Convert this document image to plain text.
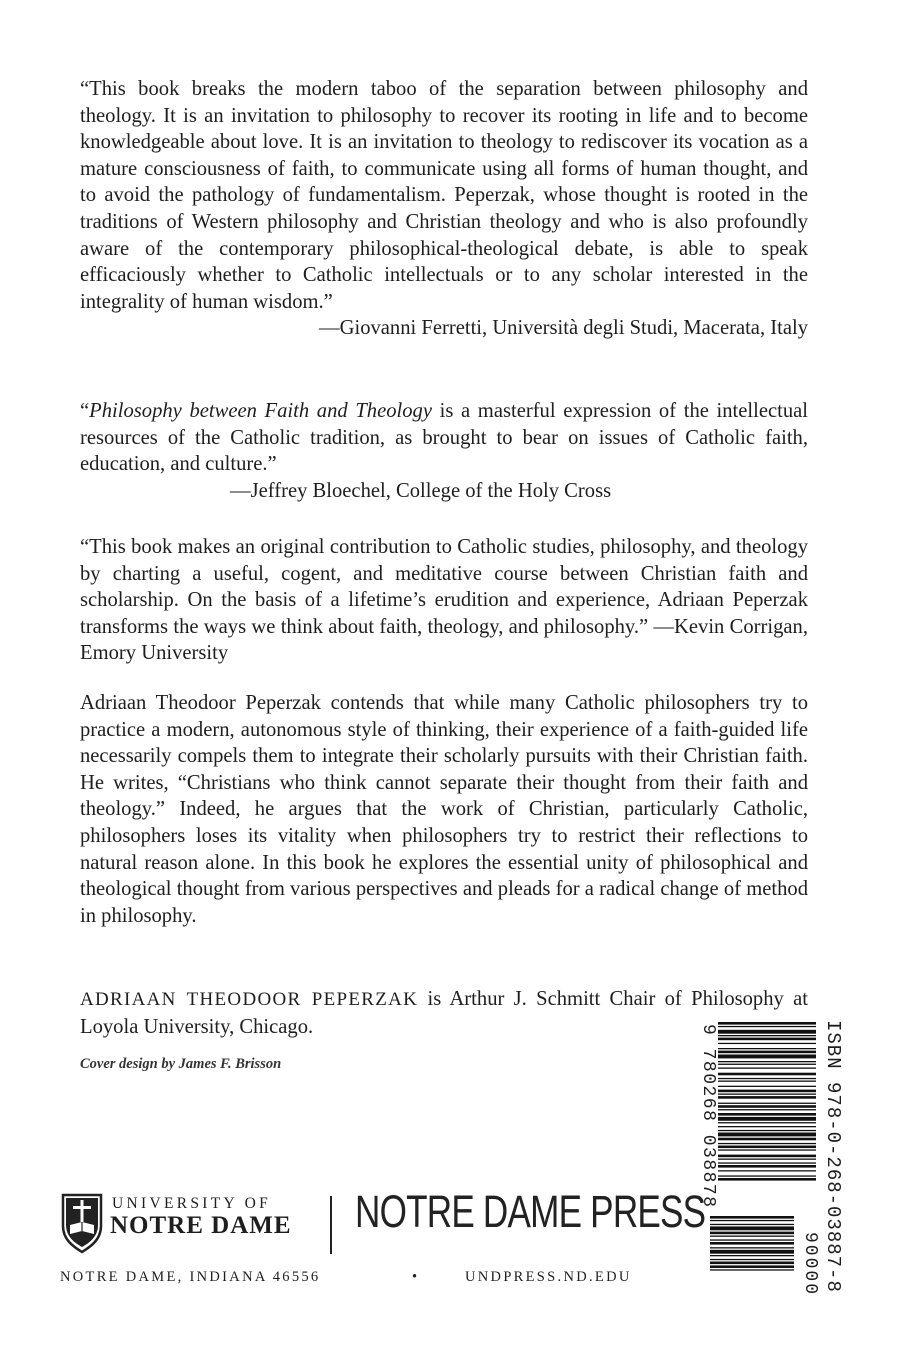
“This book breaks the modern taboo of the separation between philosophy and theology. It is an invitation to philosophy to recover its rooting in life and to become knowledgeable about love. It is an invitation to theology to rediscover its vocation as a mature consciousness of faith, to communicate using all forms of human thought, and to avoid the pathology of fundamentalism. Peperzak, whose thought is rooted in the traditions of Western philosophy and Christian theology and who is also profoundly aware of the contemporary philosophical-theological debate, is able to speak efficaciously whether to Catholic intellectuals or to any scholar interested in the integrality of human wisdom.”

—Giovanni Ferretti, Università degli Studi, Macerata, Italy

“Philosophy between Faith and Theology is a masterful expression of the intellectual resources of the Catholic tradition, as brought to bear on issues of Catholic faith, education, and culture.”

—Jeffrey Bloechel, College of the Holy Cross

“This book makes an original contribution to Catholic studies, philosophy, and theology by charting a useful, cogent, and meditative course between Christian faith and scholarship. On the basis of a lifetime’s erudition and experience, Adriaan Peperzak transforms the ways we think about faith, theology, and philosophy.” —Kevin Corrigan, Emory University

Adriaan Theodoor Peperzak contends that while many Catholic philosophers try to practice a modern, autonomous style of thinking, their experience of a faith-guided life necessarily compels them to integrate their scholarly pursuits with their Christian faith. He writes, “Christians who think cannot separate their thought from their faith and theology.” Indeed, he argues that the work of Christian, particularly Catholic, philosophers loses its vitality when philosophers try to restrict their reflections to natural reason alone. In this book he explores the essential unity of philosophical and theological thought from various perspectives and pleads for a radical change of method in philosophy.

ADRIAAN THEODOOR PEPERZAK is Arthur J. Schmitt Chair of Philosophy at Loyola University, Chicago.

Cover design by James F. Brisson
UNIVERSITY OF
NOTRE DAME NOTRE DAME PRESS
NOTRE DAME, INDIANA 46556	•	UNDPRESS.ND.EDU
9 780268 038878	ISBN 978-0-268-03887-8
90000
